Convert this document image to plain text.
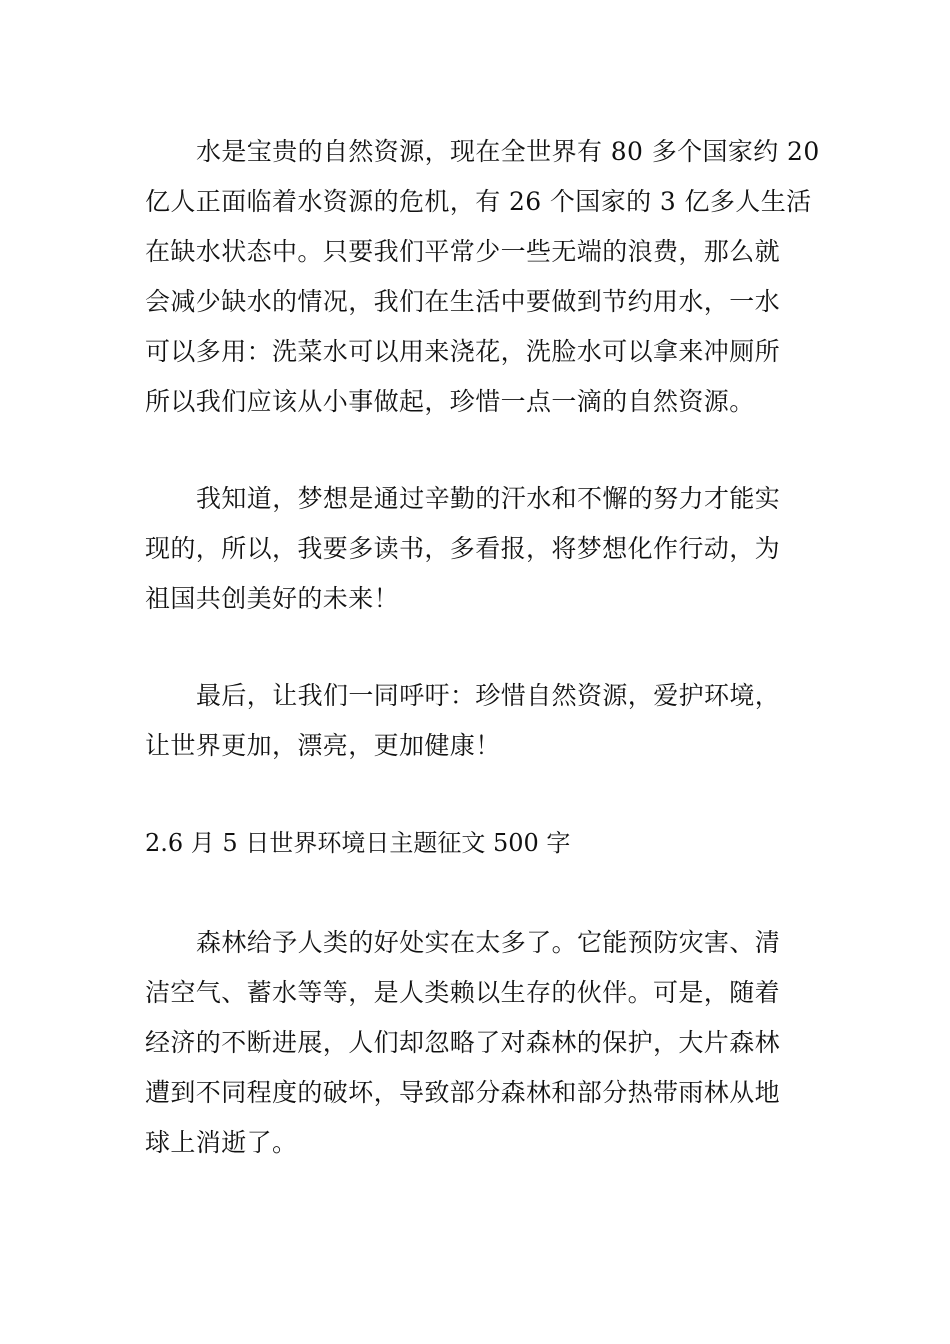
水是宝贵的自然资源，现在全世界有 80 多个国家约 20
亿人正面临着水资源的危机，有 26 个国家的 3 亿多人生活
在缺水状态中。只要我们平常少一些无端的浪费，那么就
会减少缺水的情况，我们在生活中要做到节约用水，一水
可以多用：洗菜水可以用来浇花，洗脸水可以拿来冲厕所
所以我们应该从小事做起，珍惜一点一滴的自然资源。
我知道，梦想是通过辛勤的汗水和不懈的努力才能实
现的，所以，我要多读书，多看报，将梦想化作行动，为
祖国共创美好的未来！
最后，让我们一同呼吁：珍惜自然资源，爱护环境，
让世界更加，漂亮，更加健康！
2.6 月 5 日世界环境日主题征文 500 字
森林给予人类的好处实在太多了。它能预防灾害、清
洁空气、蓄水等等，是人类赖以生存的伙伴。可是，随着
经济的不断进展，人们却忽略了对森林的保护，大片森林
遭到不同程度的破坏，导致部分森林和部分热带雨林从地
球上消逝了。
